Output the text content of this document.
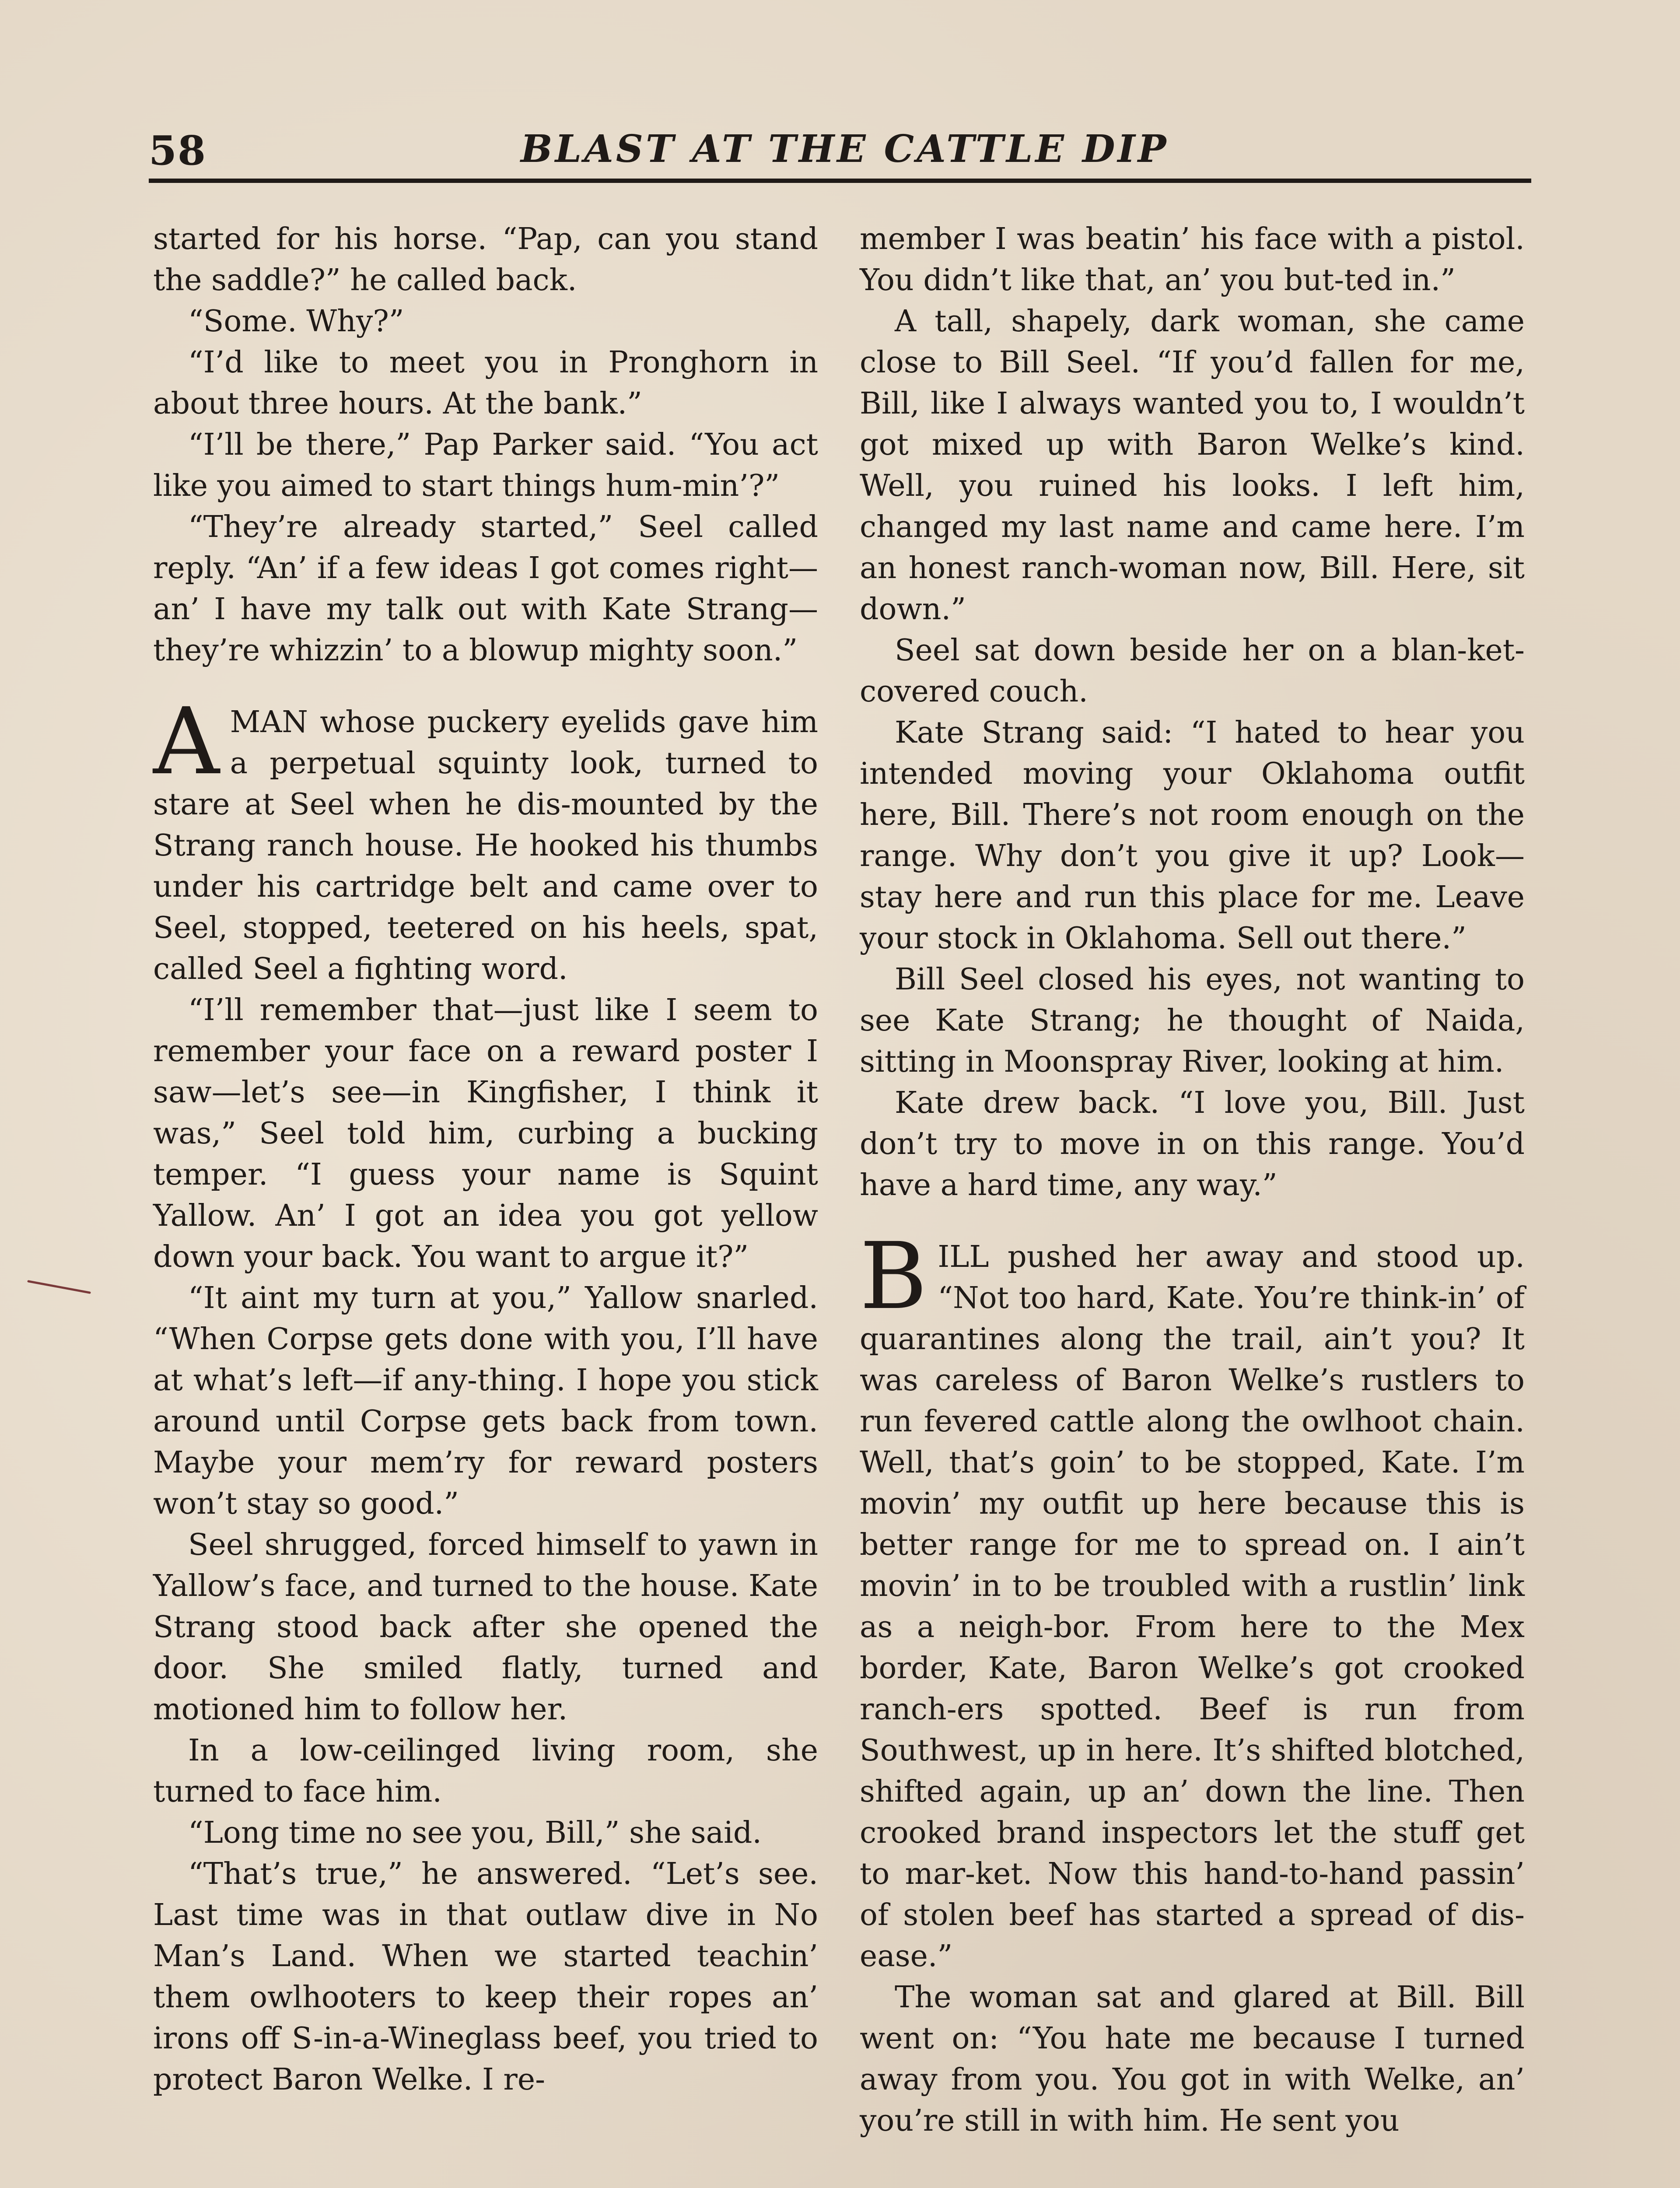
58	BLAST AT THE CATTLE DIP

started for his horse. “Pap, can you stand the saddle?” he called back.

“Some. Why?”

“I’d like to meet you in Pronghorn in about three hours. At the bank.”

“I’ll be there,” Pap Parker said. “You act like you aimed to start things hum-min’?”

“They’re already started,” Seel called reply. “An’ if a few ideas I got comes right—an’ I have my talk out with Kate Strang—they’re whizzin’ to a blowup mighty soon.”

AMAN whose puckery eyelids gave him a perpetual squinty look, turned to stare at Seel when he dis-mounted by the Strang ranch house. He hooked his thumbs under his cartridge belt and came over to Seel, stopped, teetered on his heels, spat, called Seel a fighting word.

“I’ll remember that—just like I seem to remember your face on a reward poster I saw—let’s see—in Kingfisher, I think it was,” Seel told him, curbing a bucking temper. “I guess your name is Squint Yallow. An’ I got an idea you got yellow down your back. You want to argue it?”

“It aint my turn at you,” Yallow snarled. “When Corpse gets done with you, I’ll have at what’s left—if any-thing. I hope you stick around until Corpse gets back from town. Maybe your mem’ry for reward posters won’t stay so good.”

Seel shrugged, forced himself to yawn in Yallow’s face, and turned to the house. Kate Strang stood back after she opened the door. She smiled flatly, turned and motioned him to follow her.

In a low-ceilinged living room, she turned to face him.

“Long time no see you, Bill,” she said.

“That’s true,” he answered. “Let’s see. Last time was in that outlaw dive in No Man’s Land. When we started teachin’ them owlhooters to keep their ropes an’ irons off S-in-a-Wineglass beef, you tried to protect Baron Welke. I re-

member I was beatin’ his face with a pistol. You didn’t like that, an’ you but-ted in.”

A tall, shapely, dark woman, she came close to Bill Seel. “If you’d fallen for me, Bill, like I always wanted you to, I wouldn’t got mixed up with Baron Welke’s kind. Well, you ruined his looks. I left him, changed my last name and came here. I’m an honest ranch-woman now, Bill. Here, sit down.”

Seel sat down beside her on a blan-ket-covered couch.

Kate Strang said: “I hated to hear you intended moving your Oklahoma outfit here, Bill. There’s not room enough on the range. Why don’t you give it up? Look—stay here and run this place for me. Leave your stock in Oklahoma. Sell out there.”

Bill Seel closed his eyes, not wanting to see Kate Strang; he thought of Naida, sitting in Moonspray River, looking at him.

Kate drew back. “I love you, Bill. Just don’t try to move in on this range. You’d have a hard time, any way.”

BILL pushed her away and stood up. “Not too hard, Kate. You’re think-in’ of quarantines along the trail, ain’t you? It was careless of Baron Welke’s rustlers to run fevered cattle along the owlhoot chain. Well, that’s goin’ to be stopped, Kate. I’m movin’ my outfit up here because this is better range for me to spread on. I ain’t movin’ in to be troubled with a rustlin’ link as a neigh-bor. From here to the Mex border, Kate, Baron Welke’s got crooked ranch-ers spotted. Beef is run from Southwest, up in here. It’s shifted blotched, shifted again, up an’ down the line. Then crooked brand inspectors let the stuff get to mar-ket. Now this hand-to-hand passin’ of stolen beef has started a spread of dis-ease.”

The woman sat and glared at Bill. Bill went on: “You hate me because I turned away from you. You got in with Welke, an’ you’re still in with him. He sent you
